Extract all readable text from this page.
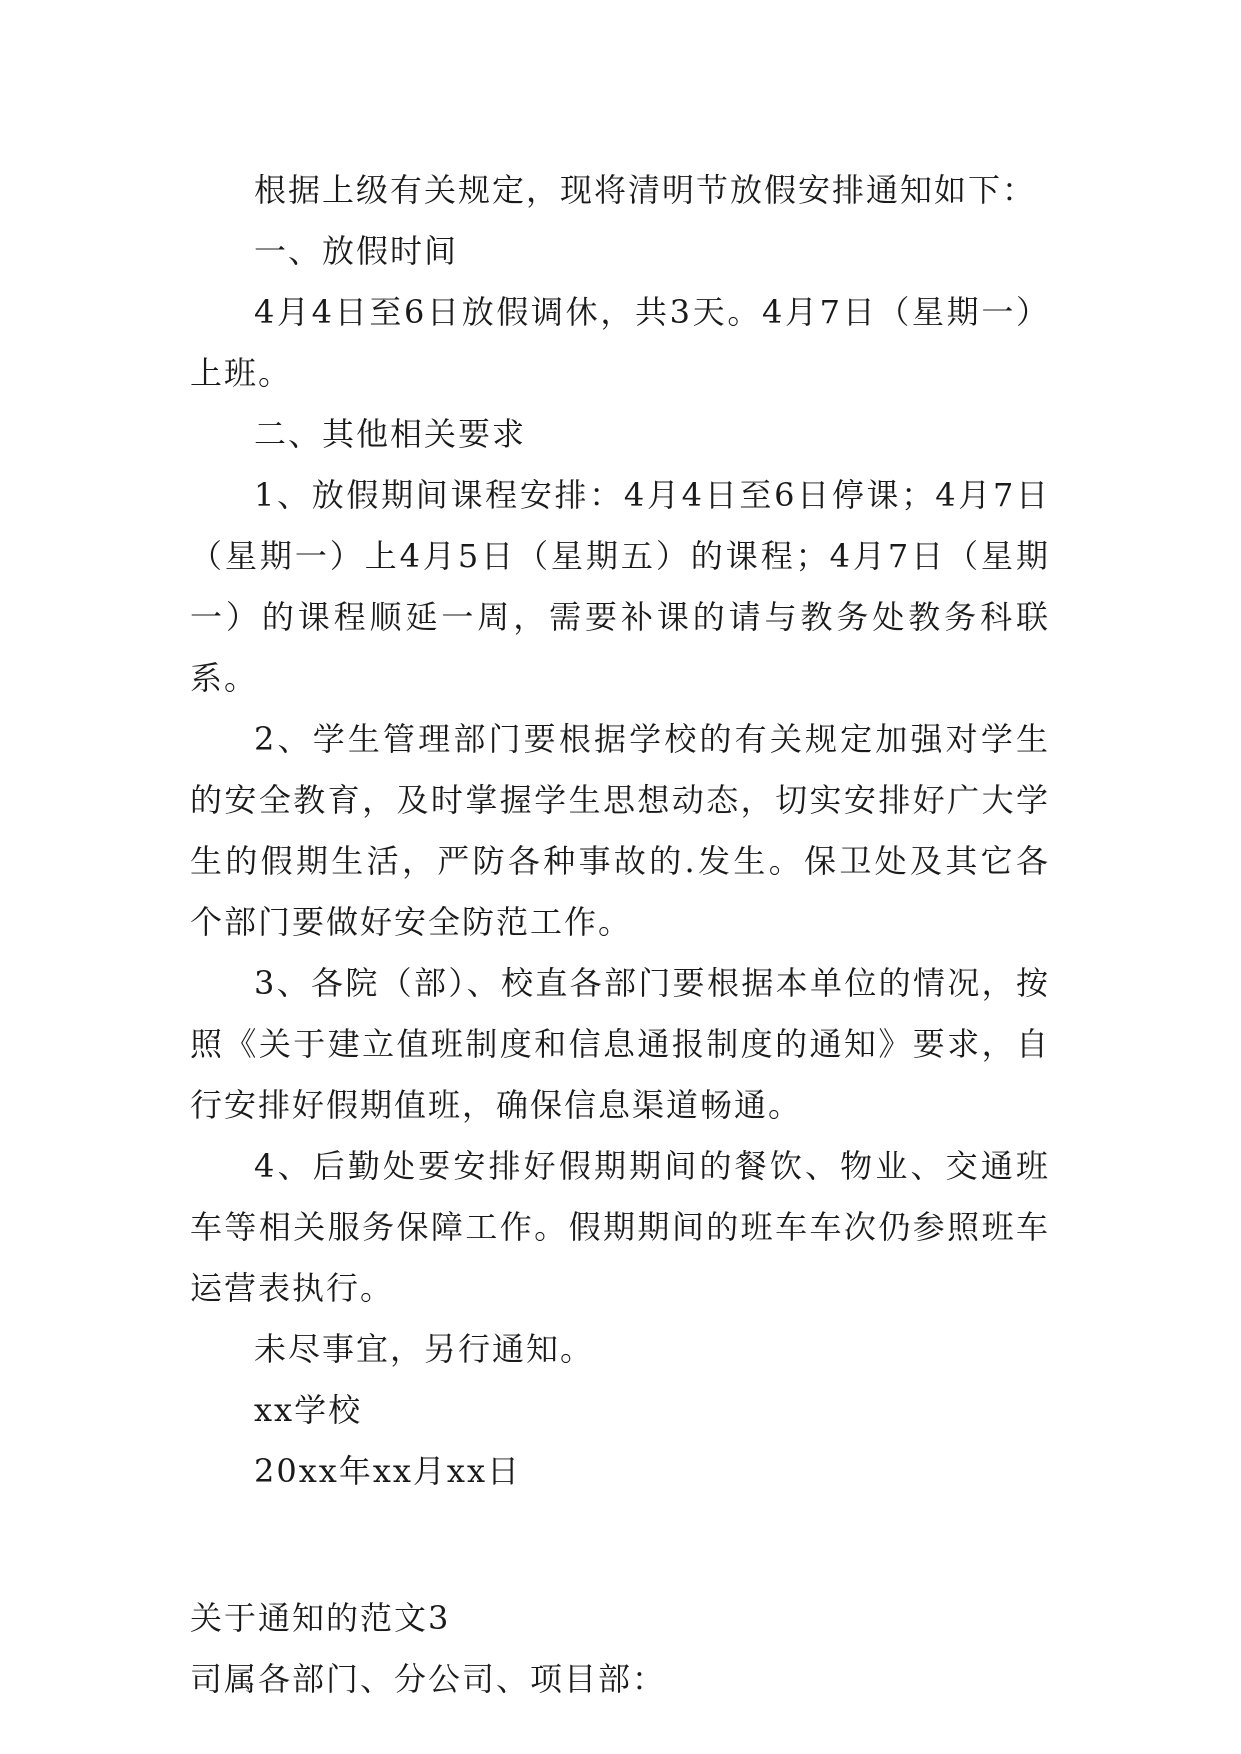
根据上级有关规定，现将清明节放假安排通知如下：

一、放假时间

4月4日至6日放假调休，共3天。4月7日（星期一）上班。

二、其他相关要求

1、放假期间课程安排：4月4日至6日停课；4月7日（星期一）上4月5日（星期五）的课程；4月7日（星期一）的课程顺延一周，需要补课的请与教务处教务科联系。

2、学生管理部门要根据学校的有关规定加强对学生的安全教育，及时掌握学生思想动态，切实安排好广大学生的假期生活，严防各种事故的.发生。保卫处及其它各个部门要做好安全防范工作。

3、各院（部）、校直各部门要根据本单位的情况，按照《关于建立值班制度和信息通报制度的通知》要求，自行安排好假期值班，确保信息渠道畅通。

4、后勤处要安排好假期期间的餐饮、物业、交通班车等相关服务保障工作。假期期间的班车车次仍参照班车运营表执行。

未尽事宜，另行通知。

xx学校

20xx年xx月xx日

关于通知的范文3

司属各部门、分公司、项目部：
